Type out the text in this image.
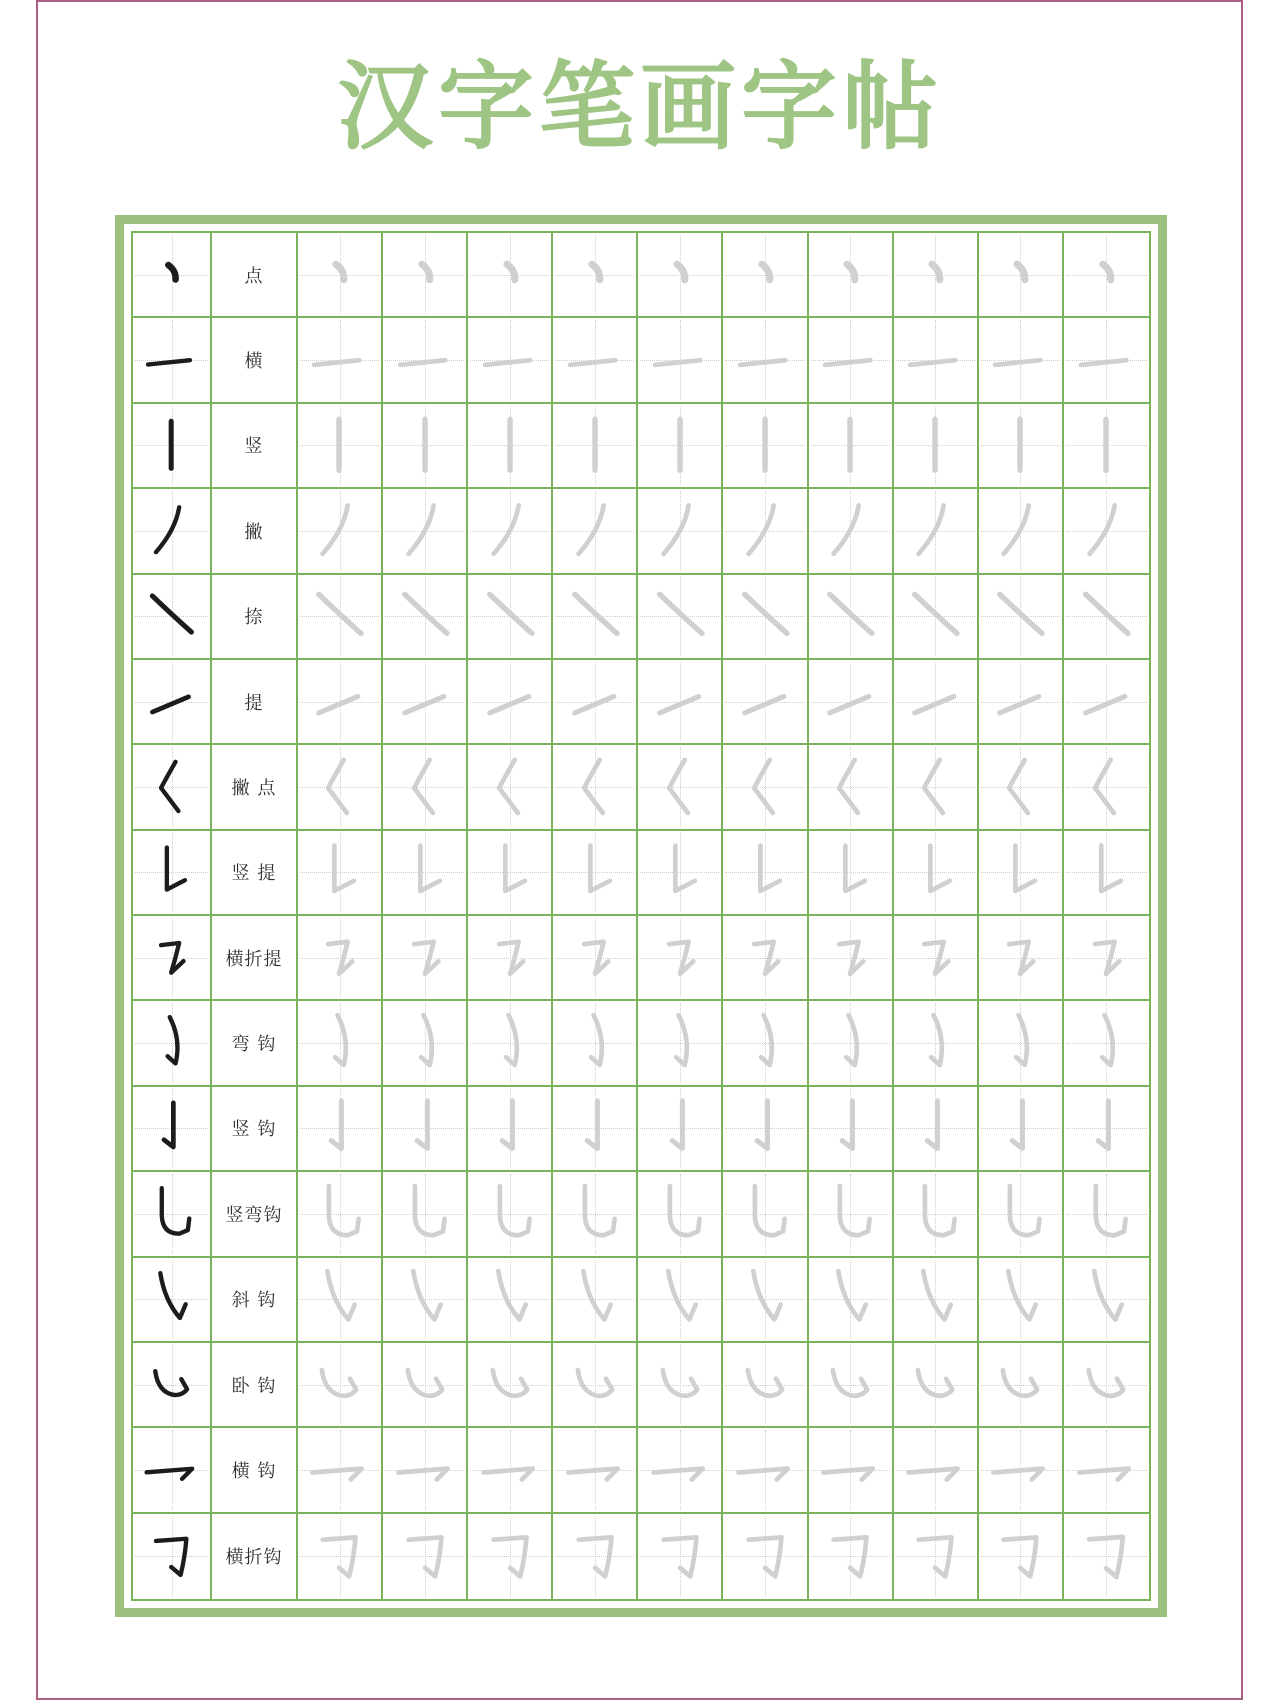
汉字笔画字帖
点
横
竖
撇
捺
提
撇 点
竖 提
横折提
弯 钩
竖 钩
竖弯钩
斜 钩
卧 钩
横 钩
横折钩
